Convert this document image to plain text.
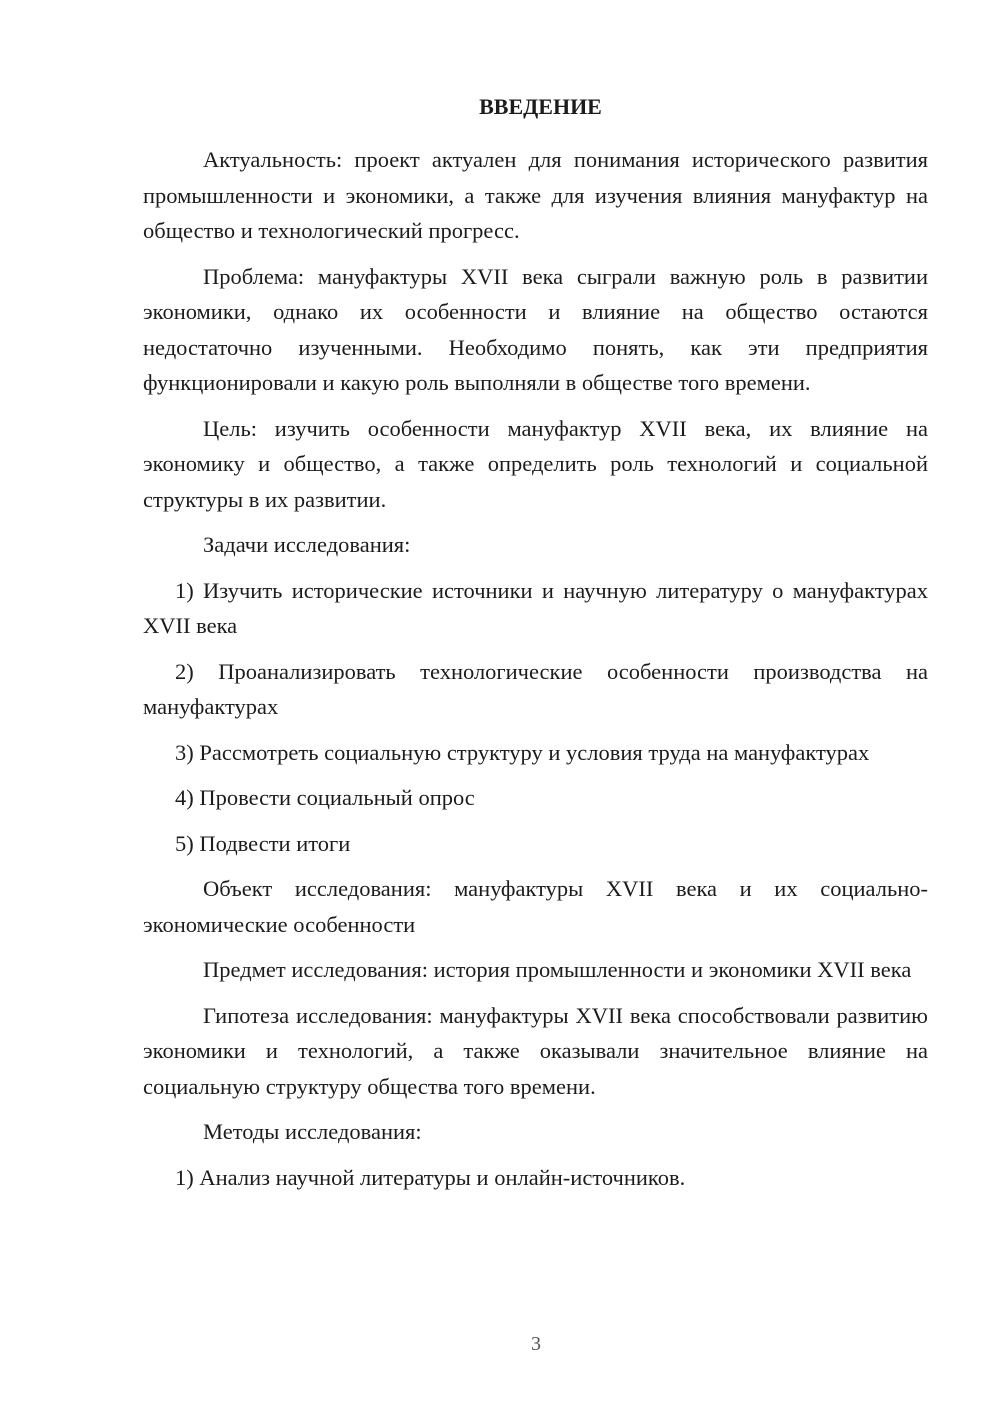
ВВЕДЕНИЕ

Актуальность: проект актуален для понимания исторического развития промышленности и экономики, а также для изучения влияния мануфактур на общество и технологический прогресс.

Проблема: мануфактуры XVII века сыграли важную роль в развитии экономики, однако их особенности и влияние на общество остаются недостаточно изученными. Необходимо понять, как эти предприятия функционировали и какую роль выполняли в обществе того времени.

Цель: изучить особенности мануфактур XVII века, их влияние на экономику и общество, а также определить роль технологий и социальной структуры в их развитии.

Задачи исследования:

1) Изучить исторические источники и научную литературу о мануфактурах XVII века

2) Проанализировать технологические особенности производства на мануфактурах

3) Рассмотреть социальную структуру и условия труда на мануфактурах

4) Провести социальный опрос

5) Подвести итоги

Объект исследования: мануфактуры XVII века и их социально-экономические особенности

Предмет исследования: история промышленности и экономики XVII века

Гипотеза исследования: мануфактуры XVII века способствовали развитию экономики и технологий, а также оказывали значительное влияние на социальную структуру общества того времени.

Методы исследования:

1) Анализ научной литературы и онлайн-источников.

3
